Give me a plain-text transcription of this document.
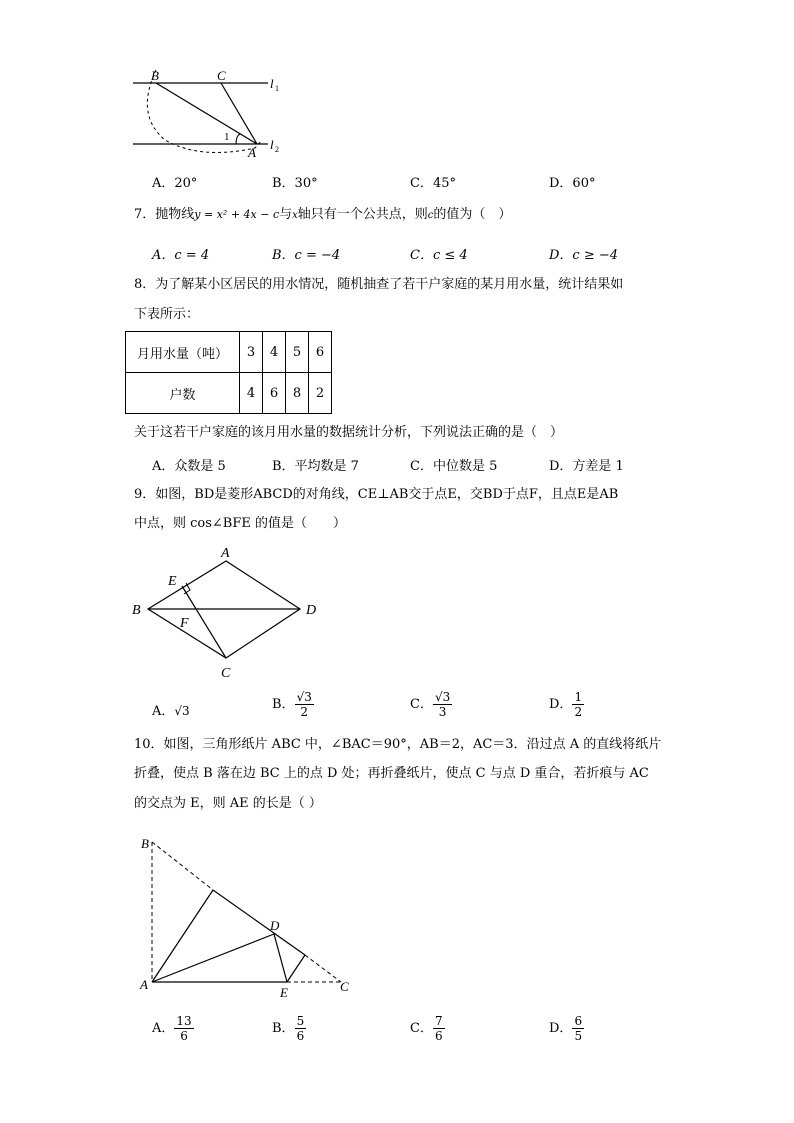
B	C
A
1
l 1
l 2
A．20°	B．30°	C．45°	D．60°
7．抛物线y = x² + 4x − c与x轴只有一个公共点，则c的值为（　）
A．c = 4	B．c = −4	C．c ≤ 4	D．c ≥ −4
8．为了解某小区居民的用水情况，随机抽查了若干户家庭的某月用水量，统计结果如
下表所示：
月用水量（吨）	3	4	5	6
户数	4	6	8	2
关于这若干户家庭的该月用水量的数据统计分析，下列说法正确的是（　）
A．众数是 5	B．平均数是 7	C．中位数是 5	D．方差是 1
9．如图，BD是菱形ABCD的对角线，CE⊥AB交于点E，交BD于点F，且点E是AB
中点，则 cos∠BFE 的值是（　　）
A
B
C
D
E
F
A．√3	B． $\frac{√3}{2}$	C． $\frac{√3}{3}$	D． $\frac{1}{2}$
10．如图，三角形纸片 ABC 中，∠BAC＝90°，AB＝2，AC＝3．沿过点 A 的直线将纸片
折叠，使点 B 落在边 BC 上的点 D 处；再折叠纸片，使点 C 与点 D 重合，若折痕与 AC
的交点为 E，则 AE 的长是（ ）
B
D
A
E	C
A． $\frac{13}{6}$	B． $\frac{5}{6}$	C． $\frac{7}{6}$	D． $\frac{6}{5}$
